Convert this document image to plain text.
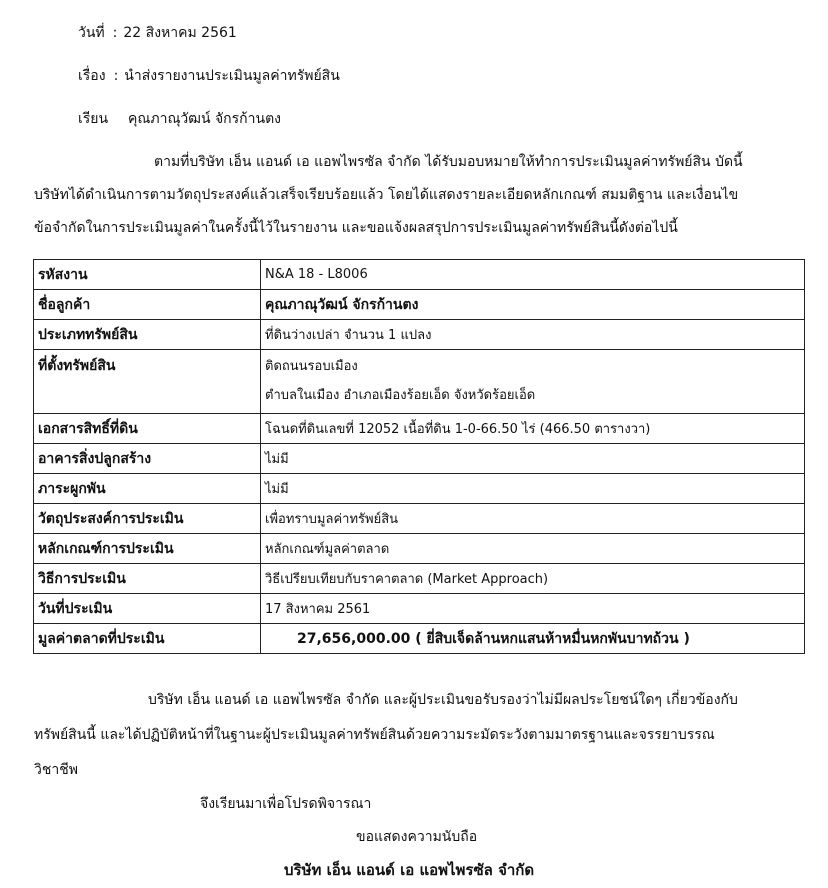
วันที่ : 22 สิงหาคม 2561
เรื่อง : นำส่งรายงานประเมินมูลค่าทรัพย์สิน
เรียน คุณภาณุวัฒน์ จักรก้านตง
ตามที่บริษัท เอ็น แอนด์ เอ แอพไพรซัล จำกัด ได้รับมอบหมายให้ทำการประเมินมูลค่าทรัพย์สิน บัดนี้
บริษัทได้ดำเนินการตามวัตถุประสงค์แล้วเสร็จเรียบร้อยแล้ว โดยได้แสดงรายละเอียดหลักเกณฑ์ สมมติฐาน และเงื่อนไข
ข้อจำกัดในการประเมินมูลค่าในครั้งนี้ไว้ในรายงาน และขอแจ้งผลสรุปการประเมินมูลค่าทรัพย์สินนี้ดังต่อไปนี้
รหัสงาน	N&A 18 - L8006
ชื่อลูกค้า	คุณภาณุวัฒน์ จักรก้านตง
ประเภททรัพย์สิน	ที่ดินว่างเปล่า จำนวน 1 แปลง
ที่ตั้งทรัพย์สิน	ติดถนนรอบเมือง
ตำบลในเมือง อำเภอเมืองร้อยเอ็ด จังหวัดร้อยเอ็ด

เอกสารสิทธิ์ที่ดิน	โฉนดที่ดินเลขที่ 12052 เนื้อที่ดิน 1-0-66.50 ไร่ (466.50 ตารางวา)
อาคารสิ่งปลูกสร้าง	ไม่มี
ภาระผูกพัน	ไม่มี
วัตถุประสงค์การประเมิน	เพื่อทราบมูลค่าทรัพย์สิน
หลักเกณฑ์การประเมิน	หลักเกณฑ์มูลค่าตลาด
วิธีการประเมิน	วิธีเปรียบเทียบกับราคาตลาด (Market Approach)
วันที่ประเมิน	17 สิงหาคม 2561
มูลค่าตลาดที่ประเมิน	27,656,000.00 ( ยี่สิบเจ็ดล้านหกแสนห้าหมื่นหกพันบาทถ้วน )
บริษัท เอ็น แอนด์ เอ แอพไพรซัล จำกัด และผู้ประเมินขอรับรองว่าไม่มีผลประโยชน์ใดๆ เกี่ยวข้องกับ
ทรัพย์สินนี้ และได้ปฏิบัติหน้าที่ในฐานะผู้ประเมินมูลค่าทรัพย์สินด้วยความระมัดระวังตามมาตรฐานและจรรยาบรรณ
วิชาชีพ
จึงเรียนมาเพื่อโปรดพิจารณา
ขอแสดงความนับถือ
บริษัท เอ็น แอนด์ เอ แอพไพรซัล จำกัด
